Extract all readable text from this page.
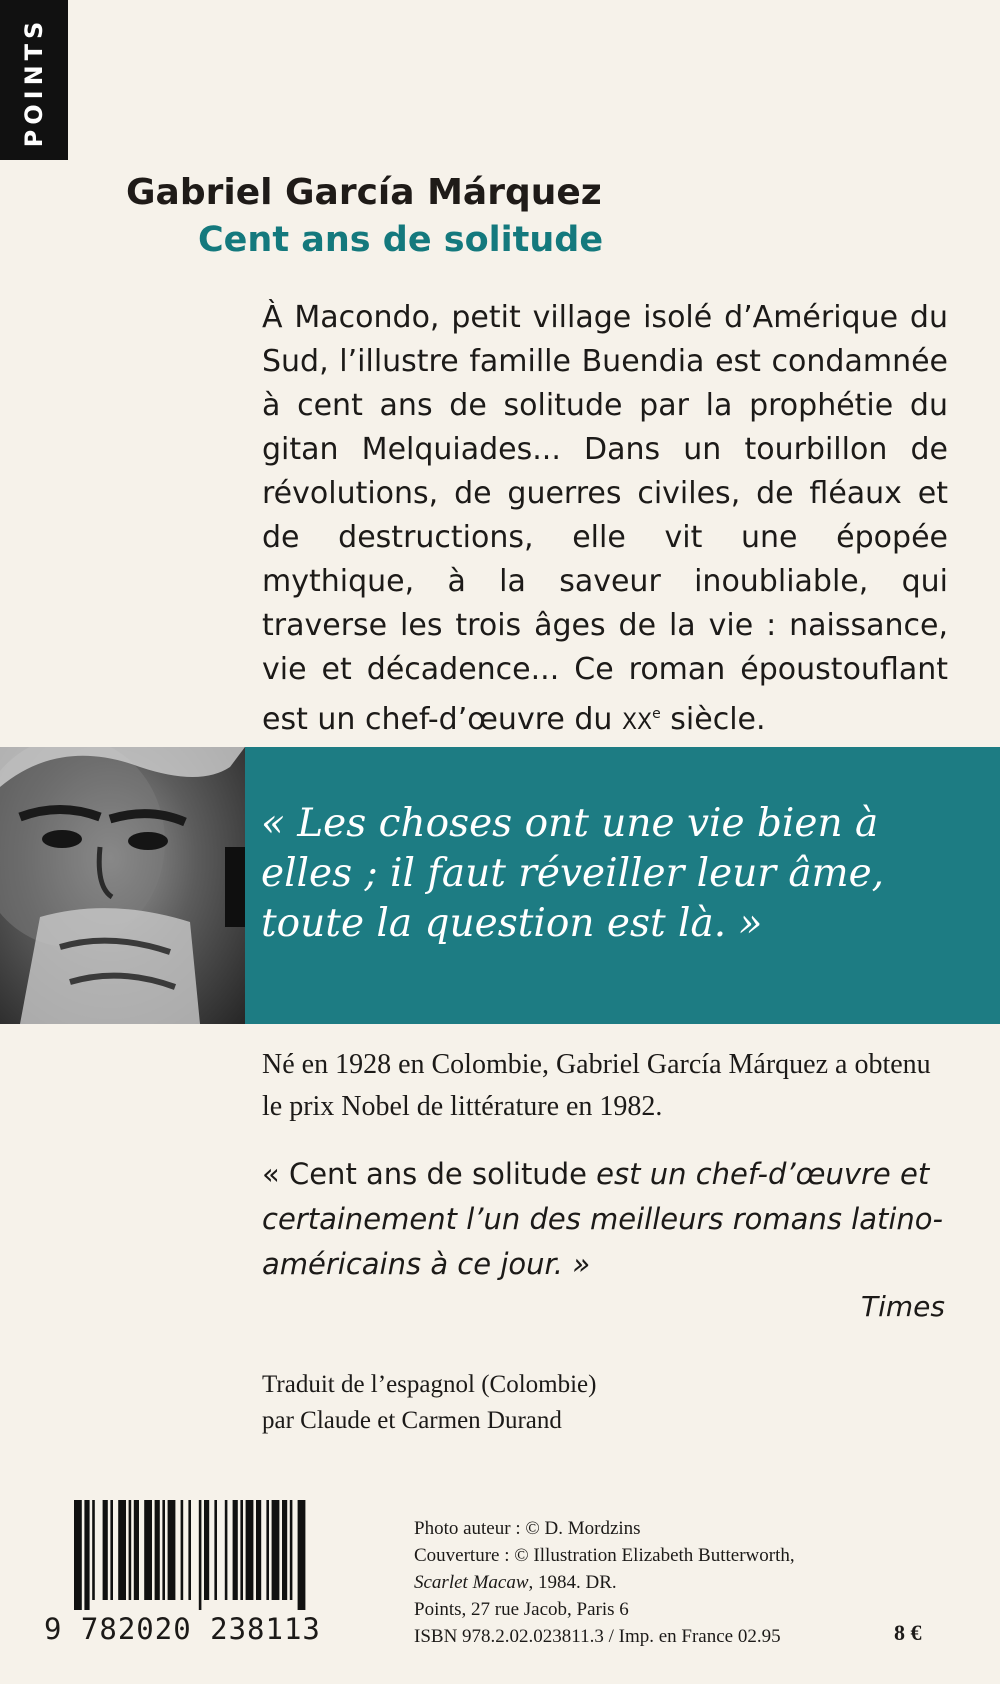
POINTS
Gabriel García Márquez
Cent ans de solitude

À Macondo, petit village isolé d’Amérique du Sud, l’illustre famille Buendia est condamnée à cent ans de solitude par la prophétie du gitan Melquiades... Dans un tourbillon de révolutions, de guerres civiles, de fléaux et de destructions, elle vit une épopée mythique, à la saveur inoubliable, qui traverse les trois âges de la vie : naissance, vie et décadence... Ce roman époustouflant est un chef-d’œuvre du XXe siècle.

« Les choses ont une vie bien à elles ; il faut réveiller leur âme, toute la question est là. »

Né en 1928 en Colombie, Gabriel García Márquez a obtenu le prix Nobel de littérature en 1982.

« Cent ans de solitude est un chef-d’œuvre et certainement l’un des meilleurs romans latino-américains à ce jour. »

Times

Traduit de l’espagnol (Colombie)
par Claude et Carmen Durand

9 782020 238113

Photo auteur : © D. Mordzins
Couverture : © Illustration Elizabeth Butterworth,
Scarlet Macaw, 1984. DR.
Points, 27 rue Jacob, Paris 6
ISBN 978.2.02.023811.3 / Imp. en France 02.95	8 €
